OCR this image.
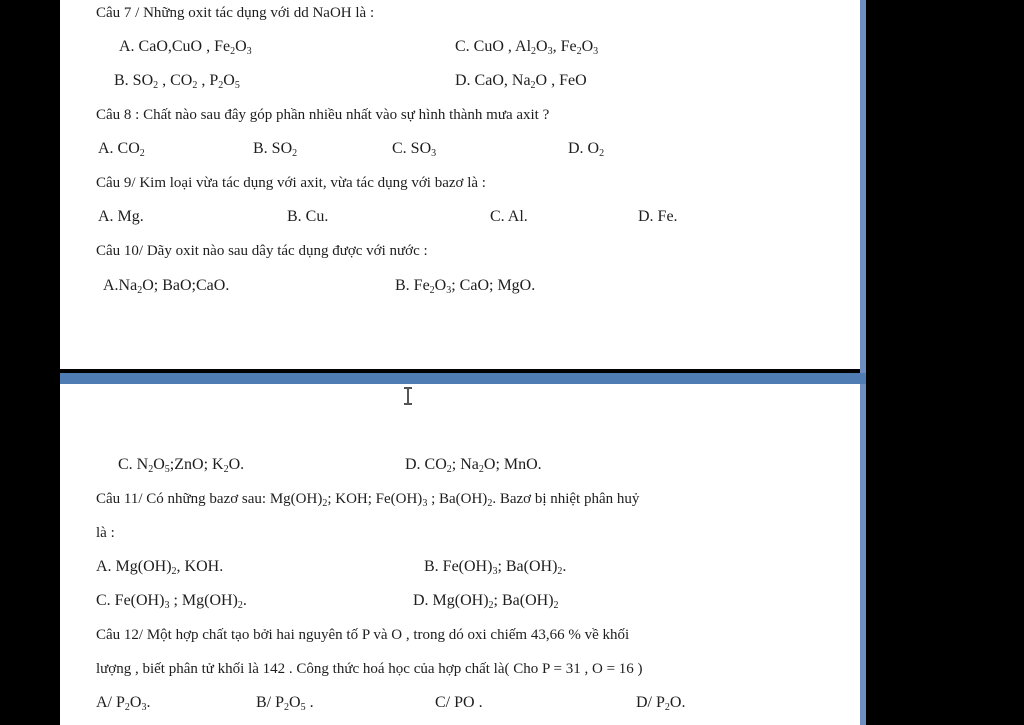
Câu 7 / Những oxit tác dụng với dd NaOH là :
A. CaO,CuO , $Fe_2O_3$	C. CuO , $Al_2O_3$, $Fe_2O_3$
B. $SO_2$ , $CO_2$ , $P_2O_5$	D. CaO, $Na_2O$ , FeO
Câu 8 : Chất nào sau đây góp phần nhiều nhất vào sự hình thành mưa axit ?
A. $CO_2$	B. $SO_2$	C. $SO_3$	D. $O_2$
Câu 9/ Kim loại vừa tác dụng với axit, vừa tác dụng với bazơ là :
A. Mg.	B. Cu.	C. Al.	D. Fe.
Câu 10/ Dãy oxit nào sau dây tác dụng được với nước :
$A.Na_2O$; BaO;CaO.	B. $Fe_2O_3$; CaO; MgO.
C. $N_2O_5;ZnO$; $K_2O$.	D. $CO_2$; $Na_2O$; MnO.
Câu 11/ Có những bazơ sau: $Mg(OH)_2$; KOH; $Fe(OH)_3$ ; $Ba(OH)_2$. Bazơ bị nhiệt phân huỷ
là :
A. $Mg(OH)_2$, KOH.	B. $Fe(OH)_3$; $Ba(OH)_2$.
C. $Fe(OH)_3$ ; $Mg(OH)_2$.	D. $Mg(OH)_2$; $Ba(OH)_2$
Câu 12/ Một hợp chất tạo bởi hai nguyên tố P và O , trong dó oxi chiếm 43,66 % về khối
lượng , biết phân tử khối là 142 . Công thức hoá học của hợp chất là( Cho P = 31 , O = 16 )
A/ $P_2O_3$.	B/ $P_2O_5$ .	C/ PO .	D/ $P_2O$.
